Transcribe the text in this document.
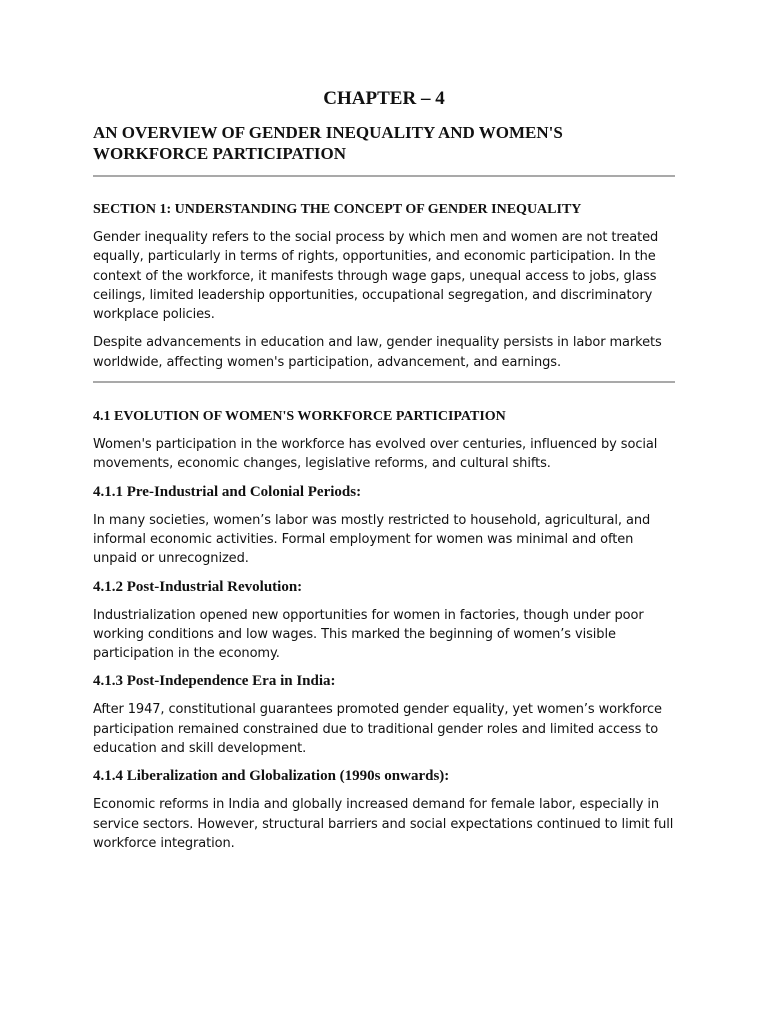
CHAPTER – 4
AN OVERVIEW OF GENDER INEQUALITY AND WOMEN'S WORKFORCE PARTICIPATION
SECTION 1: UNDERSTANDING THE CONCEPT OF GENDER INEQUALITY

Gender inequality refers to the social process by which men and women are not treated equally, particularly in terms of rights, opportunities, and economic participation. In the context of the workforce, it manifests through wage gaps, unequal access to jobs, glass ceilings, limited leadership opportunities, occupational segregation, and discriminatory workplace policies.

Despite advancements in education and law, gender inequality persists in labor markets worldwide, affecting women's participation, advancement, and earnings.

4.1 EVOLUTION OF WOMEN'S WORKFORCE PARTICIPATION

Women's participation in the workforce has evolved over centuries, influenced by social movements, economic changes, legislative reforms, and cultural shifts.

4.1.1 Pre-Industrial and Colonial Periods:

In many societies, women’s labor was mostly restricted to household, agricultural, and informal economic activities. Formal employment for women was minimal and often unpaid or unrecognized.

4.1.2 Post-Industrial Revolution:

Industrialization opened new opportunities for women in factories, though under poor working conditions and low wages. This marked the beginning of women’s visible participation in the economy.

4.1.3 Post-Independence Era in India:

After 1947, constitutional guarantees promoted gender equality, yet women’s workforce participation remained constrained due to traditional gender roles and limited access to education and skill development.

4.1.4 Liberalization and Globalization (1990s onwards):

Economic reforms in India and globally increased demand for female labor, especially in service sectors. However, structural barriers and social expectations continued to limit full workforce integration.
